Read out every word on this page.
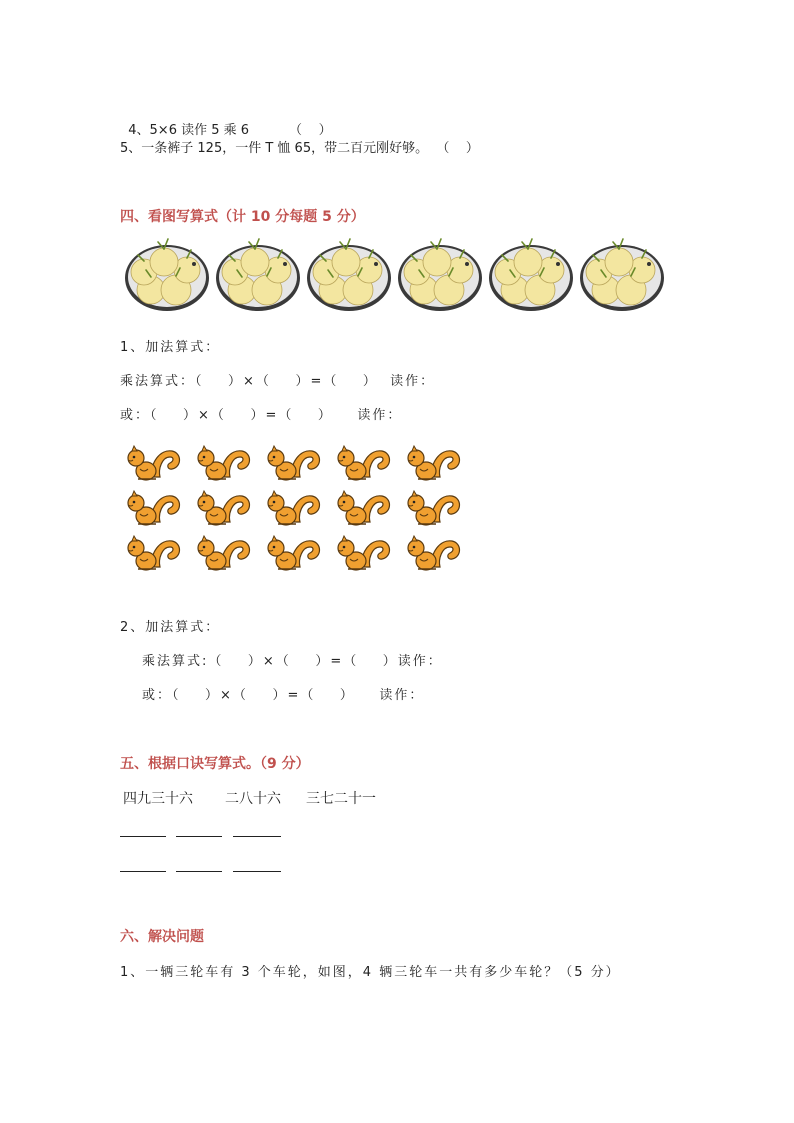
4、5×6 读作 5 乘 6	（    ）

5、一条裤子 125，一件 T 恤 65，带二百元刚好够。  （    ）
四、看图写算式（计 10 分每题 5 分）
1、加法算式：
乘法算式：（    ）×（    ）=（    ）  读作：
或：（    ）×（    ）=（    ）    读作：
2、加法算式：
乘法算式:（    ）×（    ）=（    ）读作：
或：（    ）×（    ）=（    ）    读作：
五、根据口诀写算式。（9 分）
四九三十六 二八十六 三七二十一
六、解决问题
1、一辆三轮车有 3 个车轮，如图，4 辆三轮车一共有多少车轮？（5 分）
